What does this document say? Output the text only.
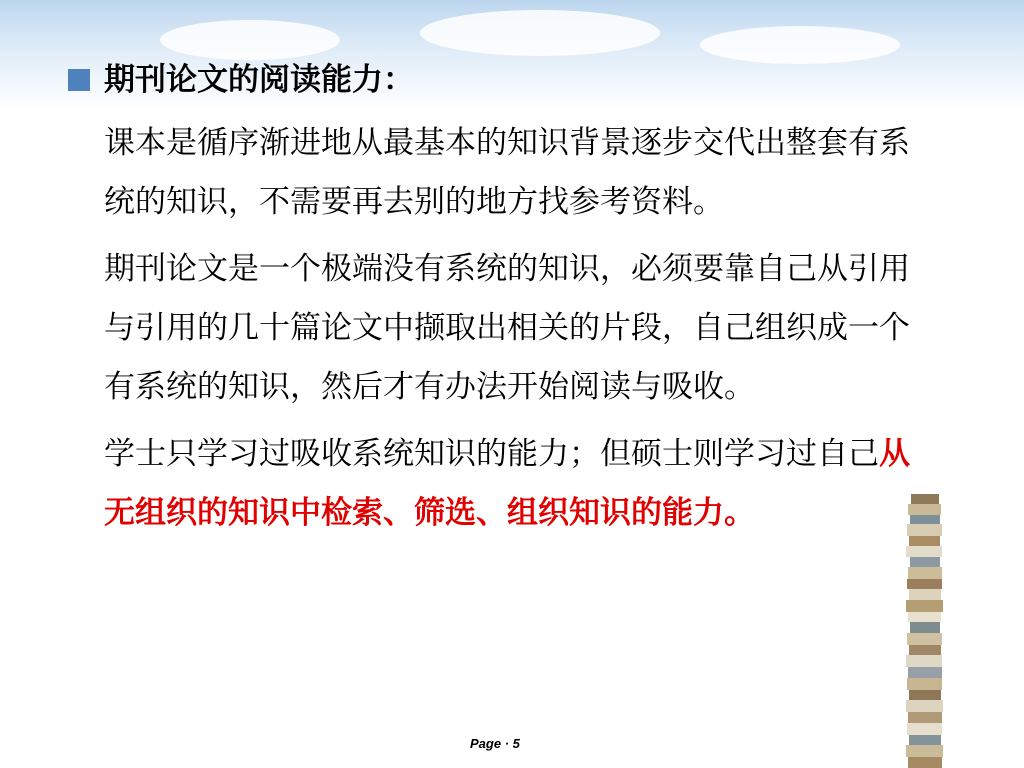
期刊论文的阅读能力：
课本是循序渐进地从最基本的知识背景逐步交代出整套有系统的知识，不需要再去别的地方找参考资料。
期刊论文是一个极端没有系统的知识，必须要靠自己从引用与引用的几十篇论文中撷取出相关的片段，自己组织成一个有系统的知识，然后才有办法开始阅读与吸收。
学士只学习过吸收系统知识的能力；但硕士则学习过自己从无组织的知识中检索、筛选、组织知识的能力。
Page · 5
